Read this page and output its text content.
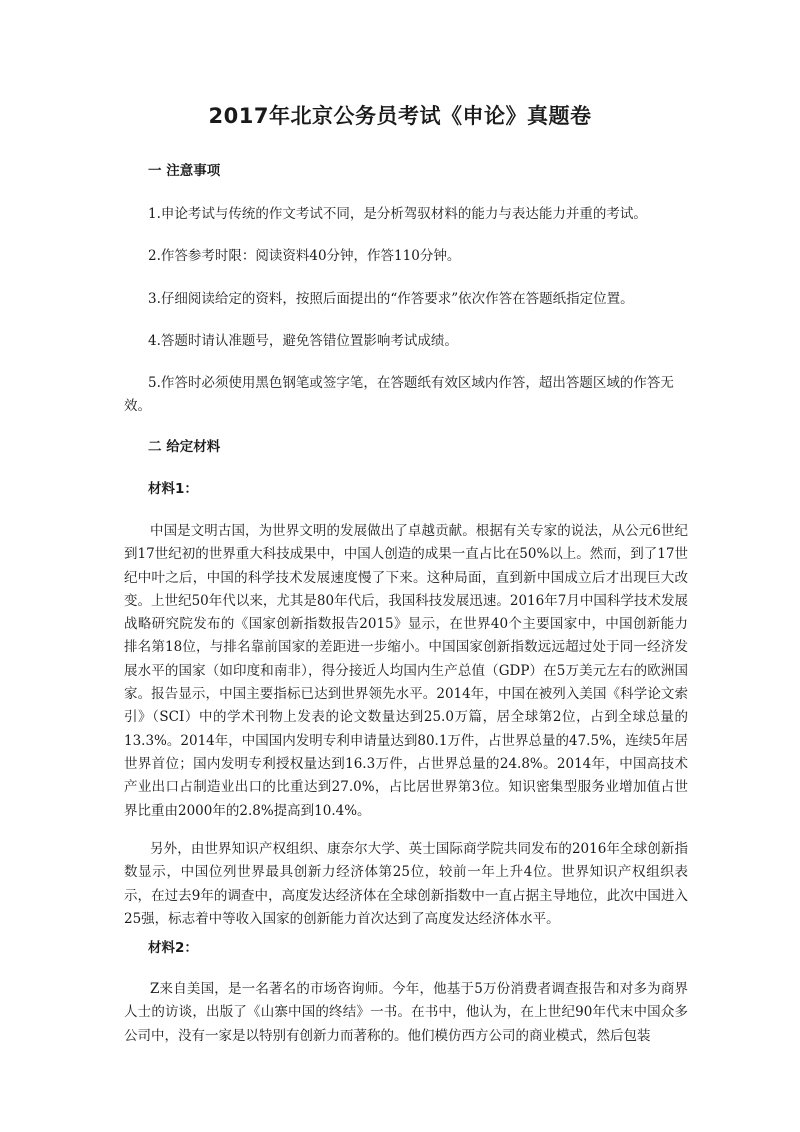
2017年北京公务员考试《申论》真题卷

一 注意事项

1.申论考试与传统的作文考试不同，是分析驾驭材料的能力与表达能力并重的考试。

2.作答参考时限：阅读资料40分钟，作答110分钟。

3.仔细阅读给定的资料，按照后面提出的“作答要求”依次作答在答题纸指定位置。

4.答题时请认准题号，避免答错位置影响考试成绩。

5.作答时必须使用黑色钢笔或签字笔，在答题纸有效区域内作答，超出答题区域的作答无效。

二 给定材料

材料1：

中国是文明古国，为世界文明的发展做出了卓越贡献。根据有关专家的说法，从公元6世纪到17世纪初的世界重大科技成果中，中国人创造的成果一直占比在50%以上。然而，到了17世纪中叶之后，中国的科学技术发展速度慢了下来。这种局面，直到新中国成立后才出现巨大改变。上世纪50年代以来，尤其是80年代后，我国科技发展迅速。2016年7月中国科学技术发展战略研究院发布的《国家创新指数报告2015》显示，在世界40个主要国家中，中国创新能力排名第18位，与排名靠前国家的差距进一步缩小。中国国家创新指数远远超过处于同一经济发展水平的国家（如印度和南非），得分接近人均国内生产总值（GDP）在5万美元左右的欧洲国家。报告显示，中国主要指标已达到世界领先水平。2014年，中国在被列入美国《科学论文索引》（SCI）中的学术刊物上发表的论文数量达到25.0万篇，居全球第2位，占到全球总量的13.3%。2014年，中国国内发明专利申请量达到80.1万件，占世界总量的47.5%，连续5年居世界首位；国内发明专利授权量达到16.3万件，占世界总量的24.8%。2014年，中国高技术产业出口占制造业出口的比重达到27.0%，占比居世界第3位。知识密集型服务业增加值占世界比重由2000年的2.8%提高到10.4%。

另外，由世界知识产权组织、康奈尔大学、英士国际商学院共同发布的2016年全球创新指数显示，中国位列世界最具创新力经济体第25位，较前一年上升4位。世界知识产权组织表示，在过去9年的调查中，高度发达经济体在全球创新指数中一直占据主导地位，此次中国进入25强，标志着中等收入国家的创新能力首次达到了高度发达经济体水平。

材料2：

Z来自美国，是一名著名的市场咨询师。今年，他基于5万份消费者调查报告和对多为商界人士的访谈，出版了《山寨中国的终结》一书。在书中，他认为，在上世纪90年代末中国众多公司中，没有一家是以特别有创新力而著称的。他们模仿西方公司的商业模式，然后包装
